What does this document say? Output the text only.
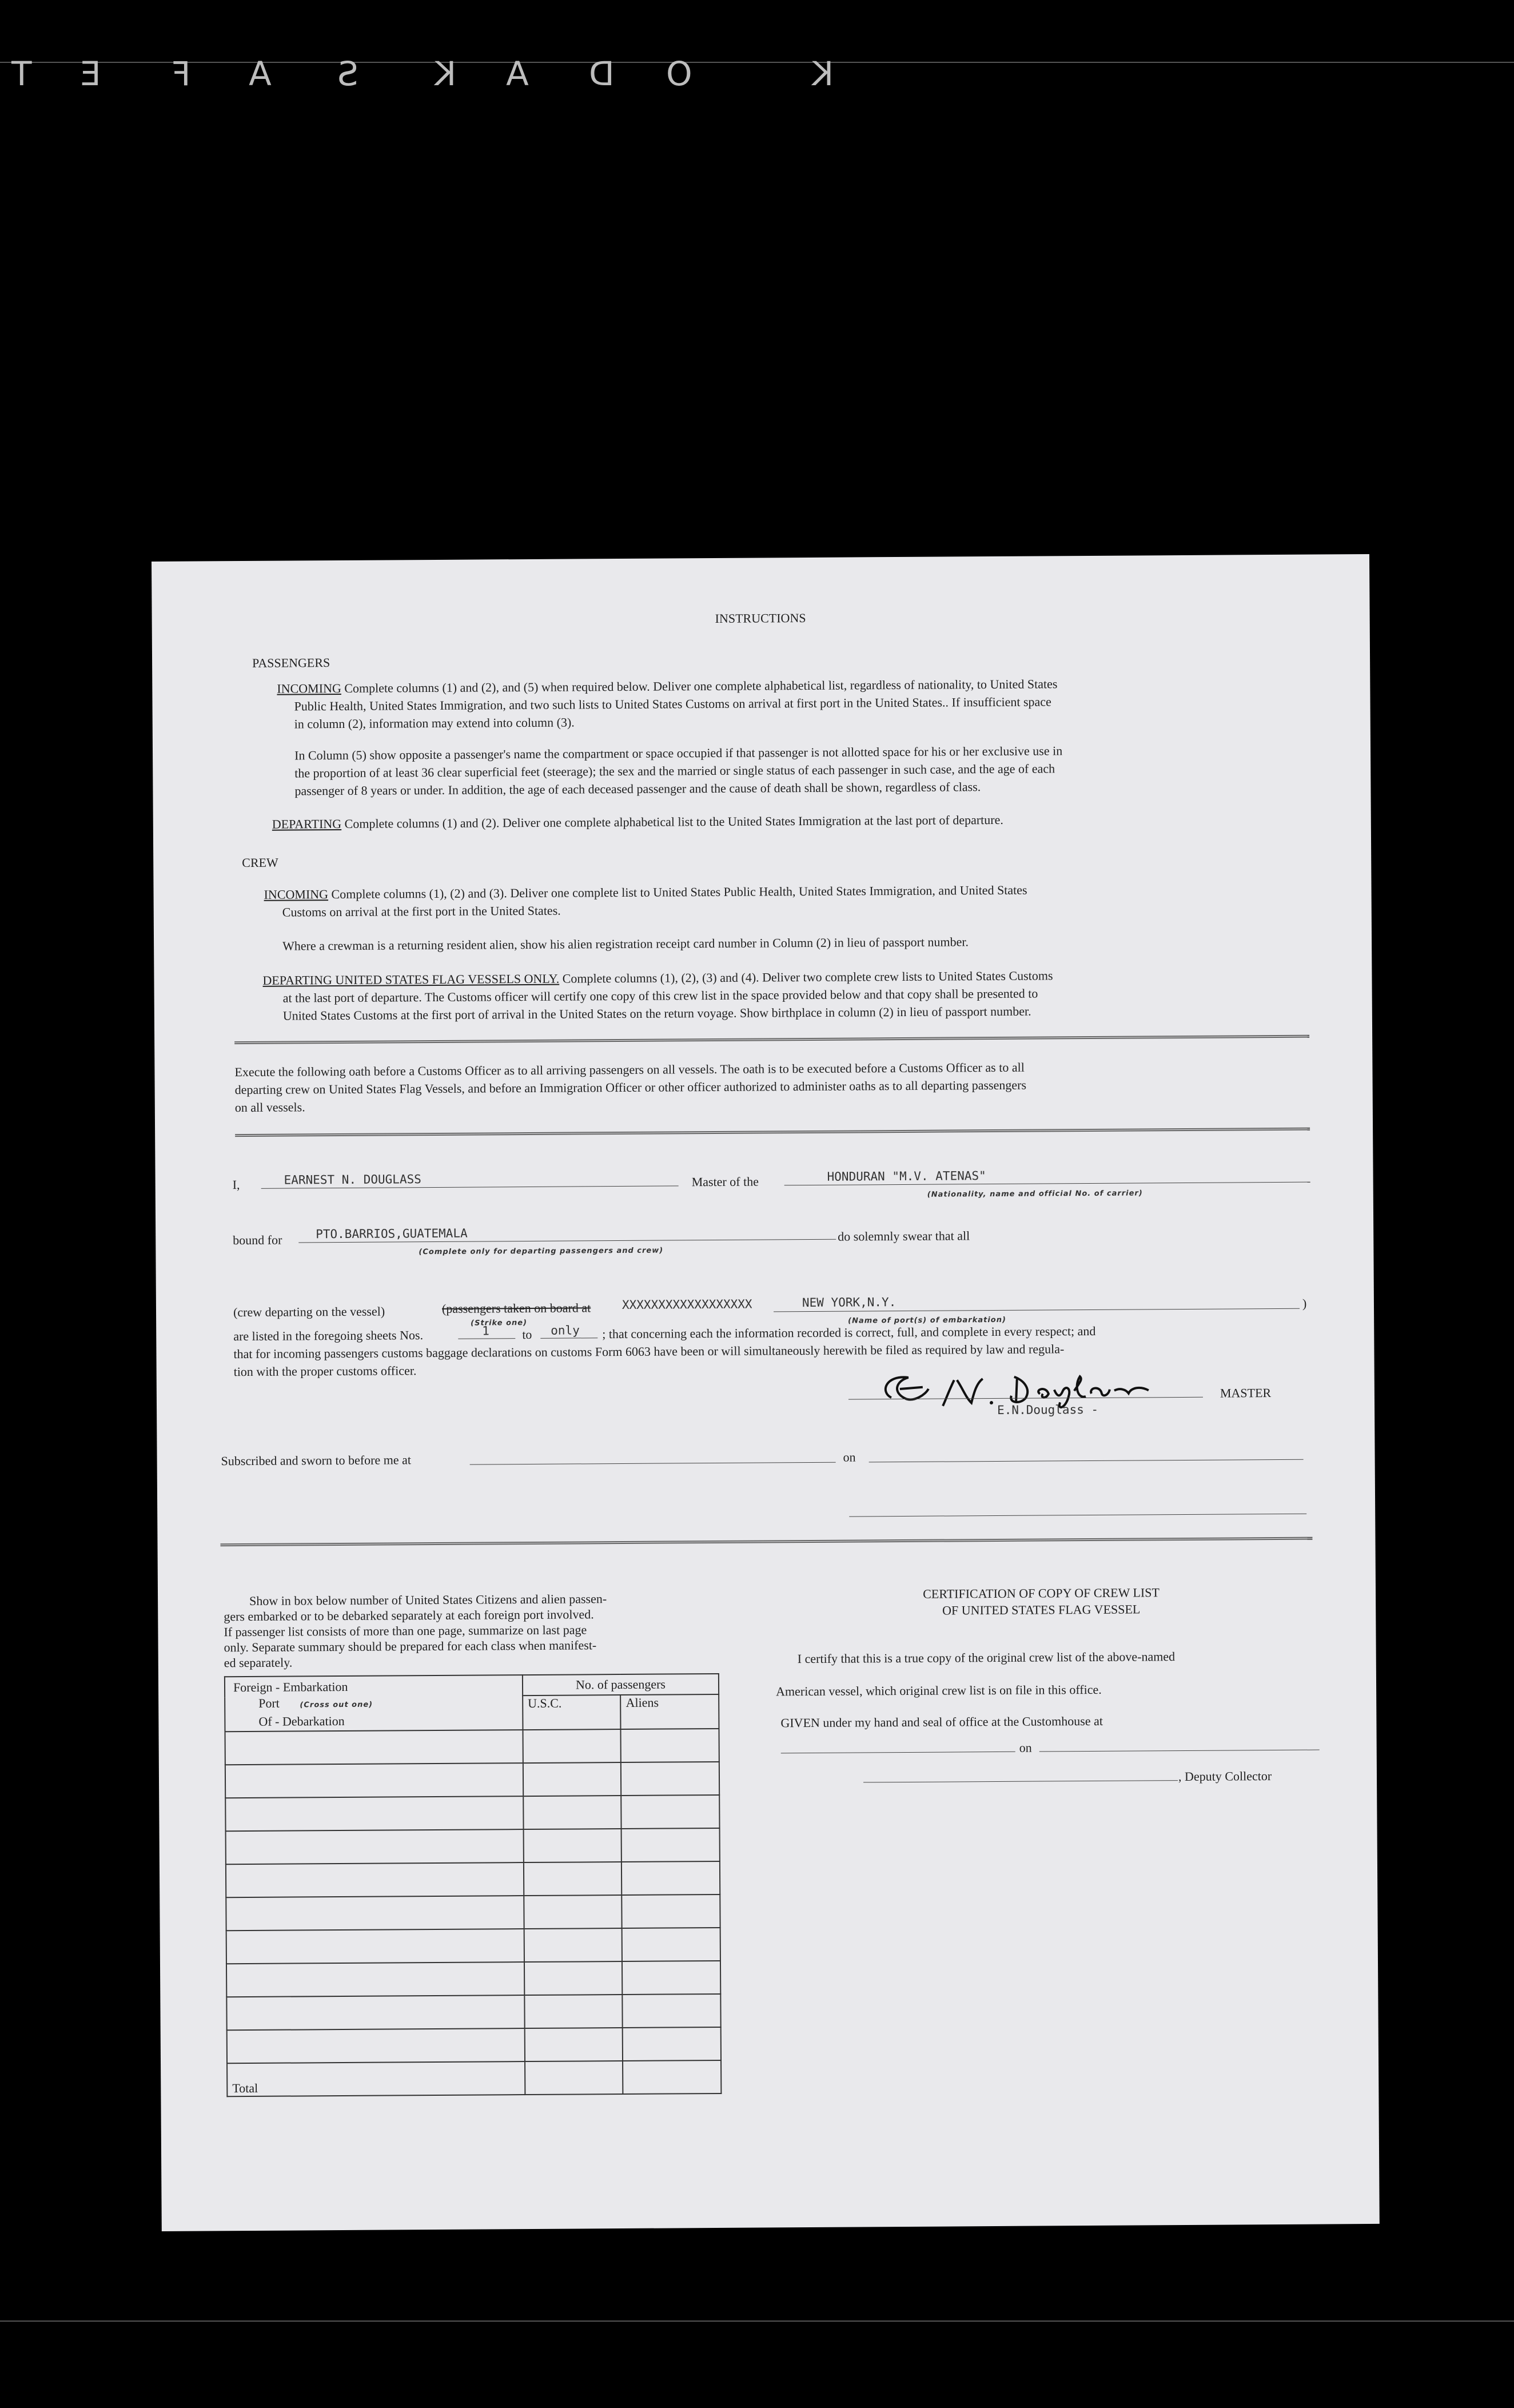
K
O
D
A
K
S
A
F
E
T
INSTRUCTIONS
PASSENGERS
INCOMING Complete columns (1) and (2), and (5) when required below. Deliver one complete alphabetical list, regardless of nationality, to United States
Public Health, United States Immigration, and two such lists to United States Customs on arrival at first port in the United States.. If insufficient space
in column (2), information may extend into column (3).
In Column (5) show opposite a passenger's name the compartment or space occupied if that passenger is not allotted space for his or her exclusive use in
the proportion of at least 36 clear superficial feet (steerage); the sex and the married or single status of each passenger in such case, and the age of each
passenger of 8 years or under. In addition, the age of each deceased passenger and the cause of death shall be shown, regardless of class.
DEPARTING Complete columns (1) and (2). Deliver one complete alphabetical list to the United States Immigration at the last port of departure.
CREW
INCOMING Complete columns (1), (2) and (3). Deliver one complete list to United States Public Health, United States Immigration, and United States
Customs on arrival at the first port in the United States.
Where a crewman is a returning resident alien, show his alien registration receipt card number in Column (2) in lieu of passport number.
DEPARTING UNITED STATES FLAG VESSELS ONLY. Complete columns (1), (2), (3) and (4). Deliver two complete crew lists to United States Customs
at the last port of departure. The Customs officer will certify one copy of this crew list in the space provided below and that copy shall be presented to
United States Customs at the first port of arrival in the United States on the return voyage. Show birthplace in column (2) in lieu of passport number.
Execute the following oath before a Customs Officer as to all arriving passengers on all vessels. The oath is to be executed before a Customs Officer as to all
departing crew on United States Flag Vessels, and before an Immigration Officer or other officer authorized to administer oaths as to all departing passengers
on all vessels.
I,	EARNEST N. DOUGLASS	Master of the	HONDURAN "M.V. ATENAS"
(Nationality, name and official No. of carrier)
bound for	PTO.BARRIOS,GUATEMALA
(Complete only for departing passengers and crew)
do solemnly swear that all
(crew departing on the vessel)	(passengers taken on board at	XXXXXXXXXXXXXXXXXX	NEW YORK,N.Y.	)
(Strike one)	(Name of port(s) of embarkation)
are listed in the foregoing sheets Nos.	1	to only ; that concerning each the information recorded is correct, full, and complete in every respect; and
that for incoming passengers customs baggage declarations on customs Form 6063 have been or will simultaneously herewith be filed as required by law and regula-
tion with the proper customs officer.
MASTER
E.N.Douglass -
Subscribed and sworn to before me at	on
Show in box below number of United States Citizens and alien passen-
gers embarked or to be debarked separately at each foreign port involved.
If passenger list consists of more than one page, summarize on last page
only. Separate summary should be prepared for each class when manifest-
ed separately.
Foreign - Embarkation
Port (Cross out one)
Of - Debarkation	No. of passengers	
	U.S.C.	Aliens

Total		
CERTIFICATION OF COPY OF CREW LIST
OF UNITED STATES FLAG VESSEL
I certify that this is a true copy of the original crew list of the above-named
American vessel, which original crew list is on file in this office.
GIVEN under my hand and seal of office at the Customhouse at
on
, Deputy Collector
